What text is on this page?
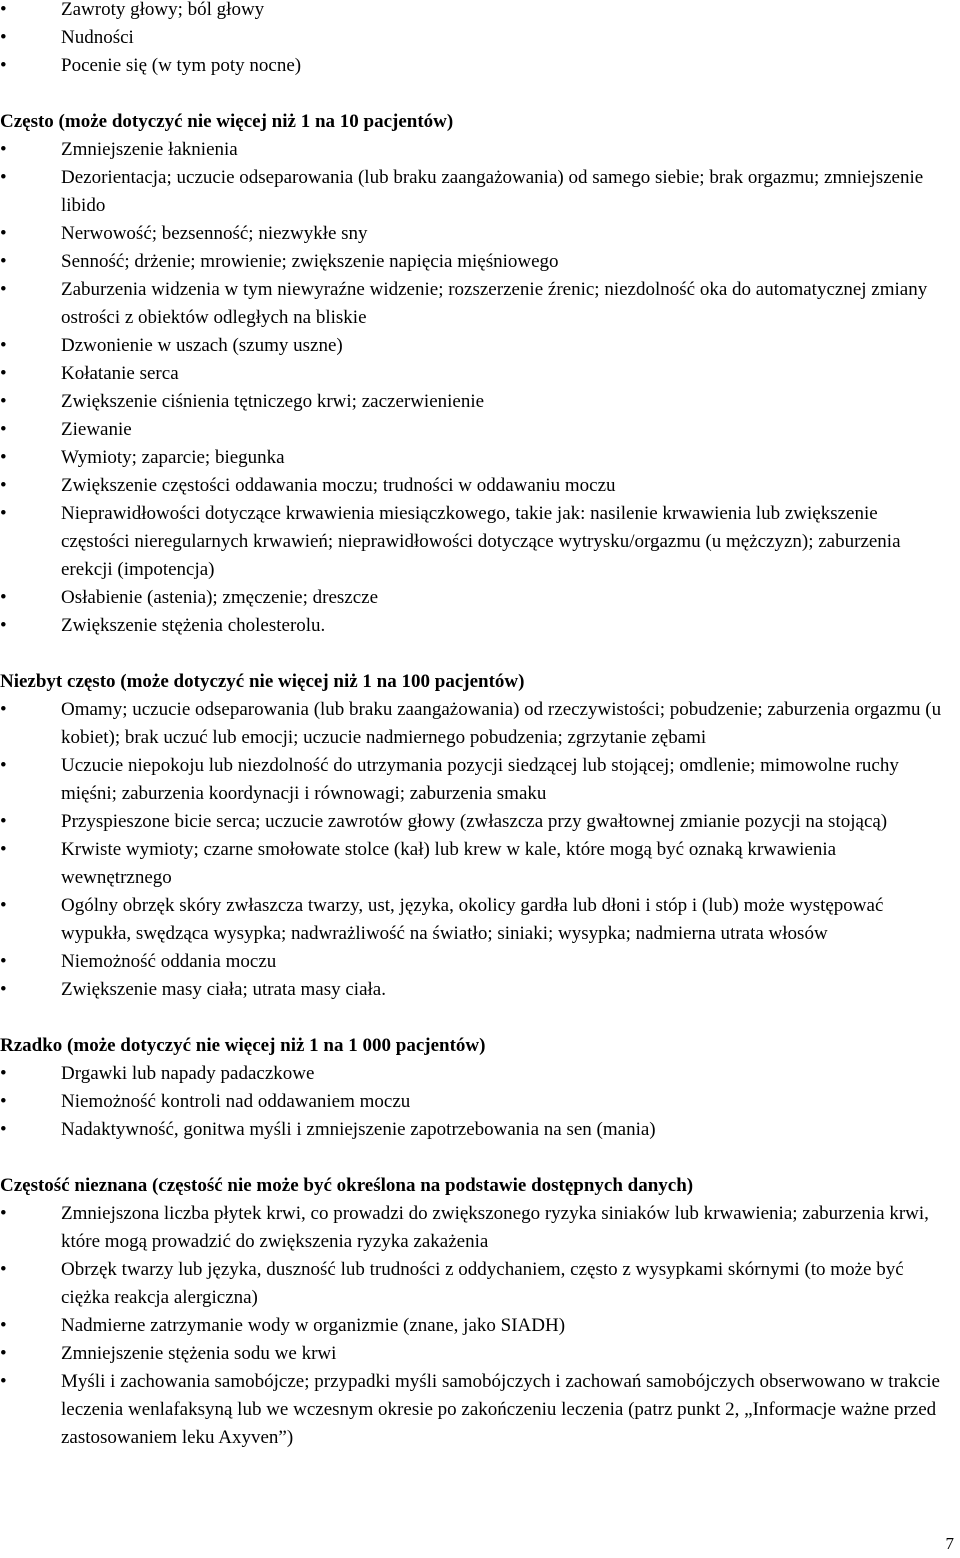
• Zawroty głowy; ból głowy
• Nudności
• Pocenie się (w tym poty nocne)
Często (może dotyczyć nie więcej niż 1 na 10 pacjentów)
• Zmniejszenie łaknienia
• Dezorientacja; uczucie odseparowania (lub braku zaangażowania) od samego siebie; brak orgazmu; zmniejszenie libido
• Nerwowość; bezsenność; niezwykłe sny
• Senność; drżenie; mrowienie; zwiększenie napięcia mięśniowego
• Zaburzenia widzenia w tym niewyraźne widzenie; rozszerzenie źrenic; niezdolność oka do automatycznej zmiany ostrości z obiektów odległych na bliskie
• Dzwonienie w uszach (szumy uszne)
• Kołatanie serca
• Zwiększenie ciśnienia tętniczego krwi; zaczerwienienie
• Ziewanie
• Wymioty; zaparcie; biegunka
• Zwiększenie częstości oddawania moczu; trudności w oddawaniu moczu
• Nieprawidłowości dotyczące krwawienia miesiączkowego, takie jak: nasilenie krwawienia lub zwiększenie częstości nieregularnych krwawień; nieprawidłowości dotyczące wytrysku/orgazmu (u mężczyzn); zaburzenia erekcji (impotencja)
• Osłabienie (astenia); zmęczenie; dreszcze
• Zwiększenie stężenia cholesterolu.
Niezbyt często (może dotyczyć nie więcej niż 1 na 100 pacjentów)
• Omamy; uczucie odseparowania (lub braku zaangażowania) od rzeczywistości; pobudzenie; zaburzenia orgazmu (u kobiet); brak uczuć lub emocji; uczucie nadmiernego pobudzenia; zgrzytanie zębami
• Uczucie niepokoju lub niezdolność do utrzymania pozycji siedzącej lub stojącej; omdlenie; mimowolne ruchy mięśni; zaburzenia koordynacji i równowagi; zaburzenia smaku
• Przyspieszone bicie serca; uczucie zawrotów głowy (zwłaszcza przy gwałtownej zmianie pozycji na stojącą)
• Krwiste wymioty; czarne smołowate stolce (kał) lub krew w kale, które mogą być oznaką krwawienia wewnętrznego
• Ogólny obrzęk skóry zwłaszcza twarzy, ust, języka, okolicy gardła lub dłoni i stóp i (lub) może występować wypukła, swędząca wysypka; nadwrażliwość na światło; siniaki; wysypka; nadmierna utrata włosów
• Niemożność oddania moczu
• Zwiększenie masy ciała; utrata masy ciała.
Rzadko (może dotyczyć nie więcej niż 1 na 1 000 pacjentów)
• Drgawki lub napady padaczkowe
• Niemożność kontroli nad oddawaniem moczu
• Nadaktywność, gonitwa myśli i zmniejszenie zapotrzebowania na sen (mania)
Częstość nieznana (częstość nie może być określona na podstawie dostępnych danych)
• Zmniejszona liczba płytek krwi, co prowadzi do zwiększonego ryzyka siniaków lub krwawienia; zaburzenia krwi, które mogą prowadzić do zwiększenia ryzyka zakażenia
• Obrzęk twarzy lub języka, duszność lub trudności z oddychaniem, często z wysypkami skórnymi (to może być ciężka reakcja alergiczna)
• Nadmierne zatrzymanie wody w organizmie (znane, jako SIADH)
• Zmniejszenie stężenia sodu we krwi
• Myśli i zachowania samobójcze; przypadki myśli samobójczych i zachowań samobójczych obserwowano w trakcie leczenia wenlafaksyną lub we wczesnym okresie po zakończeniu leczenia (patrz punkt 2, „Informacje ważne przed zastosowaniem leku Axyven”)
7
